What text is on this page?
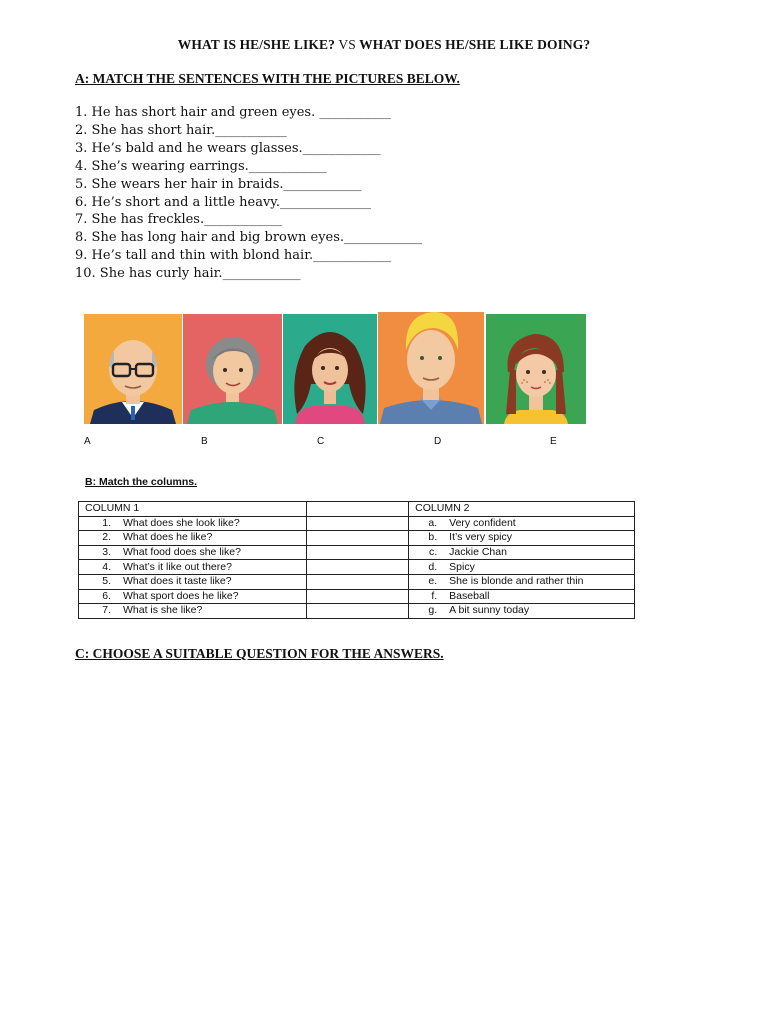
WHAT IS HE/SHE LIKE? VS WHAT DOES HE/SHE LIKE DOING?
A: MATCH THE SENTENCES WITH THE PICTURES BELOW.
1. He has short hair and green eyes. ___________
2. She has short hair.___________
3. He’s bald and he wears glasses.____________
4. She’s wearing earrings.____________
5. She wears her hair in braids.____________
6. He’s short and a little heavy.______________
7. She has freckles.____________
8. She has long hair and big brown eyes.____________
9. He’s tall and thin with blond hair.____________
10. She has curly hair.____________
A	B	C	D	E
B: Match the columns.
COLUMN 1		COLUMN 2
1. What does she look like?		a. Very confident
2. What does he like?		b. It’s very spicy
3. What food does she like?		c. Jackie Chan
4. What’s it like out there?		d. Spicy
5. What does it taste like?		e. She is blonde and rather thin
6. What sport does he like?		f. Baseball
7. What is she like?		g. A bit sunny today
C: CHOOSE A SUITABLE QUESTION FOR THE ANSWERS.
